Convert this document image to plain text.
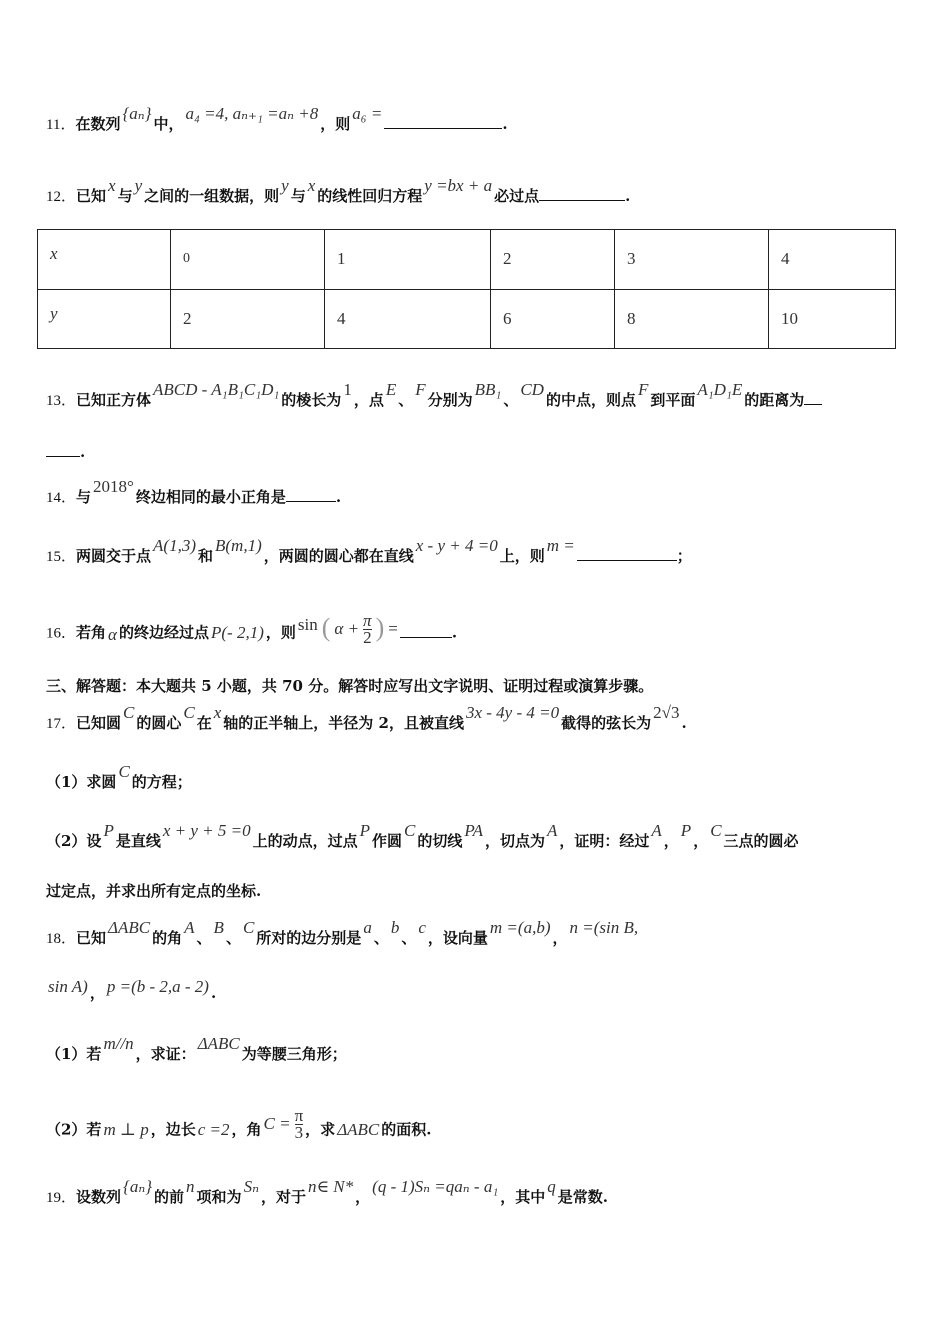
11．在数列{aₙ}中，a₄ =4, aₙ₊₁ =aₙ +8，则a₆ =.
12．已知x与y之间的一组数据，则y与x的线性回归方程y =bx + a必过点	.
x	0	1	2	3	4
y	2	4	6	8	10
13．已知正方体ABCD - A₁B₁C₁D₁的棱长为1，点E、F分别为BB₁、CD的中点，则点F到平面A₁D₁E的距离为
.
14．与2018°终边相同的最小正角是	.
15．两圆交于点A(1,3)和B(m,1)，两圆的圆心都在直线x - y + 4 =0上，则m =；
16．若角 α 的终边经过点 P(- 2,1) ，则 sin ( $\alpha + \frac{\pi}{2}$ ) =	.
三、解答题：本大题共 5 小题，共 70 分。解答时应写出文字说明、证明过程或演算步骤。
17．已知圆C的圆心C在x轴的正半轴上，半径为 2，且被直线3x - 4y - 4 =0截得的弦长为2√3.
（1）求圆C的方程；
（2）设P是直线x + y + 5 =0上的动点，过点P作圆C的切线PA，切点为A，证明：经过A，P，C三点的圆必
过定点，并求出所有定点的坐标.
18．已知ΔABC的角A、B、C所对的边分别是a、b、c，设向量m =(a,b)，n =(sin B,
sin A) ， p =(b - 2,a - 2) .
（1）若m//n，求证：ΔABC为等腰三角形；
（2）若 m ⊥ p ，边长 c =2 ，角 $C = \frac{\pi}{3}$ ，求 ΔABC 的面积.
19．设数列{aₙ}的前n项和为Sₙ，对于n∈ N*，(q - 1)Sₙ =qaₙ - a₁，其中q是常数.
